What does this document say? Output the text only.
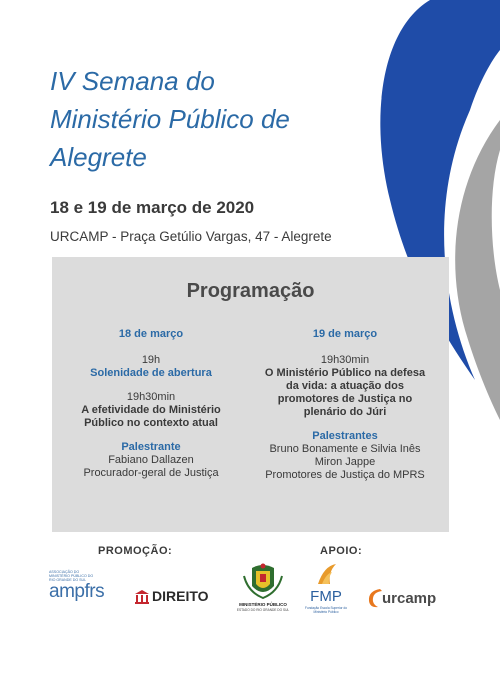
IV Semana do
Ministério Público de
Alegrete
18 e 19 de março de 2020
URCAMP - Praça Getúlio Vargas, 47 - Alegrete
Programação
18 de março
19h
Solenidade de abertura
19h30min
A efetividade do Ministério
Público no contexto atual
Palestrante
Fabiano Dallazen
Procurador-geral de Justiça
19 de março
19h30min
O Ministério Público na defesa
da vida: a atuação dos
promotores de Justiça no
plenário do Júri
Palestrantes
Bruno Bonamente e Silvia Inês
Miron Jappe
Promotores de Justiça do MPRS
PROMOÇÃO:	APOIO:
ASSOCIAÇÃO DO MINISTÉRIO PÚBLICO DO RIO GRANDE DO SUL
ampfrs	DIREITO
MINISTÉRIO PÚBLICO
ESTADO DO RIO GRANDE DO SUL
FMP
Fundação Escola Superior do Ministério Público
urcamp
